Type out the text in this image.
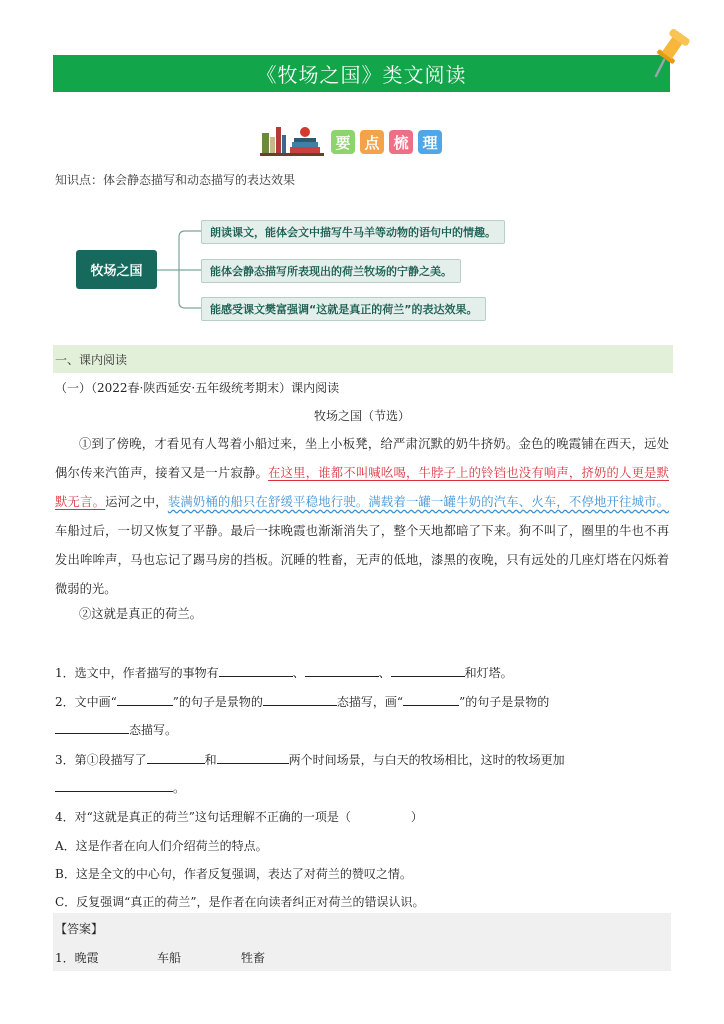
《牧场之国》类文阅读
要 点 梳 理
知识点：体会静态描写和动态描写的表达效果
牧场之国
朗读课文，能体会文中描写牛马羊等动物的语句中的情趣。
能体会静态描写所表现出的荷兰牧场的宁静之美。
能感受课文樊富强调“这就是真正的荷兰”的表达效果。
一、课内阅读
（一）（2022春·陕西延安·五年级统考期末）课内阅读
牧场之国（节选）
①到了傍晚，才看见有人驾着小船过来，坐上小板凳，给严肃沉默的奶牛挤奶。金色的晚霞铺在西天，远处偶尔传来汽笛声，接着又是一片寂静。在这里，谁都不叫喊吆喝，牛脖子上的铃铛也没有响声，挤奶的人更是默默无言。运河之中，装满奶桶的船只在舒缓平稳地行驶。满载着一罐一罐牛奶的汽车、火车，不停地开往城市。车船过后，一切又恢复了平静。最后一抹晚霞也渐渐消失了，整个天地都暗了下来。狗不叫了，圈里的牛也不再发出哞哞声，马也忘记了踢马房的挡板。沉睡的牲畜，无声的低地，漆黑的夜晚，只有远处的几座灯塔在闪烁着微弱的光。
②这就是真正的荷兰。
1．选文中，作者描写的事物有	、	、	和灯塔。
2．文中画“	”的句子是景物的	态描写，画“	”的句子是景物的
态描写。
3．第①段描写了	和	两个时间场景，与白天的牧场相比，这时的牧场更加
。
4．对“这就是真正的荷兰”这句话理解不正确的一项是（　　　　　）
A．这是作者在向人们介绍荷兰的特点。
B．这是全文的中心句，作者反复强调，表达了对荷兰的赞叹之情。
C．反复强调“真正的荷兰”，是作者在向读者纠正对荷兰的错误认识。
【答案】
1．晚霞	车船	牲畜
